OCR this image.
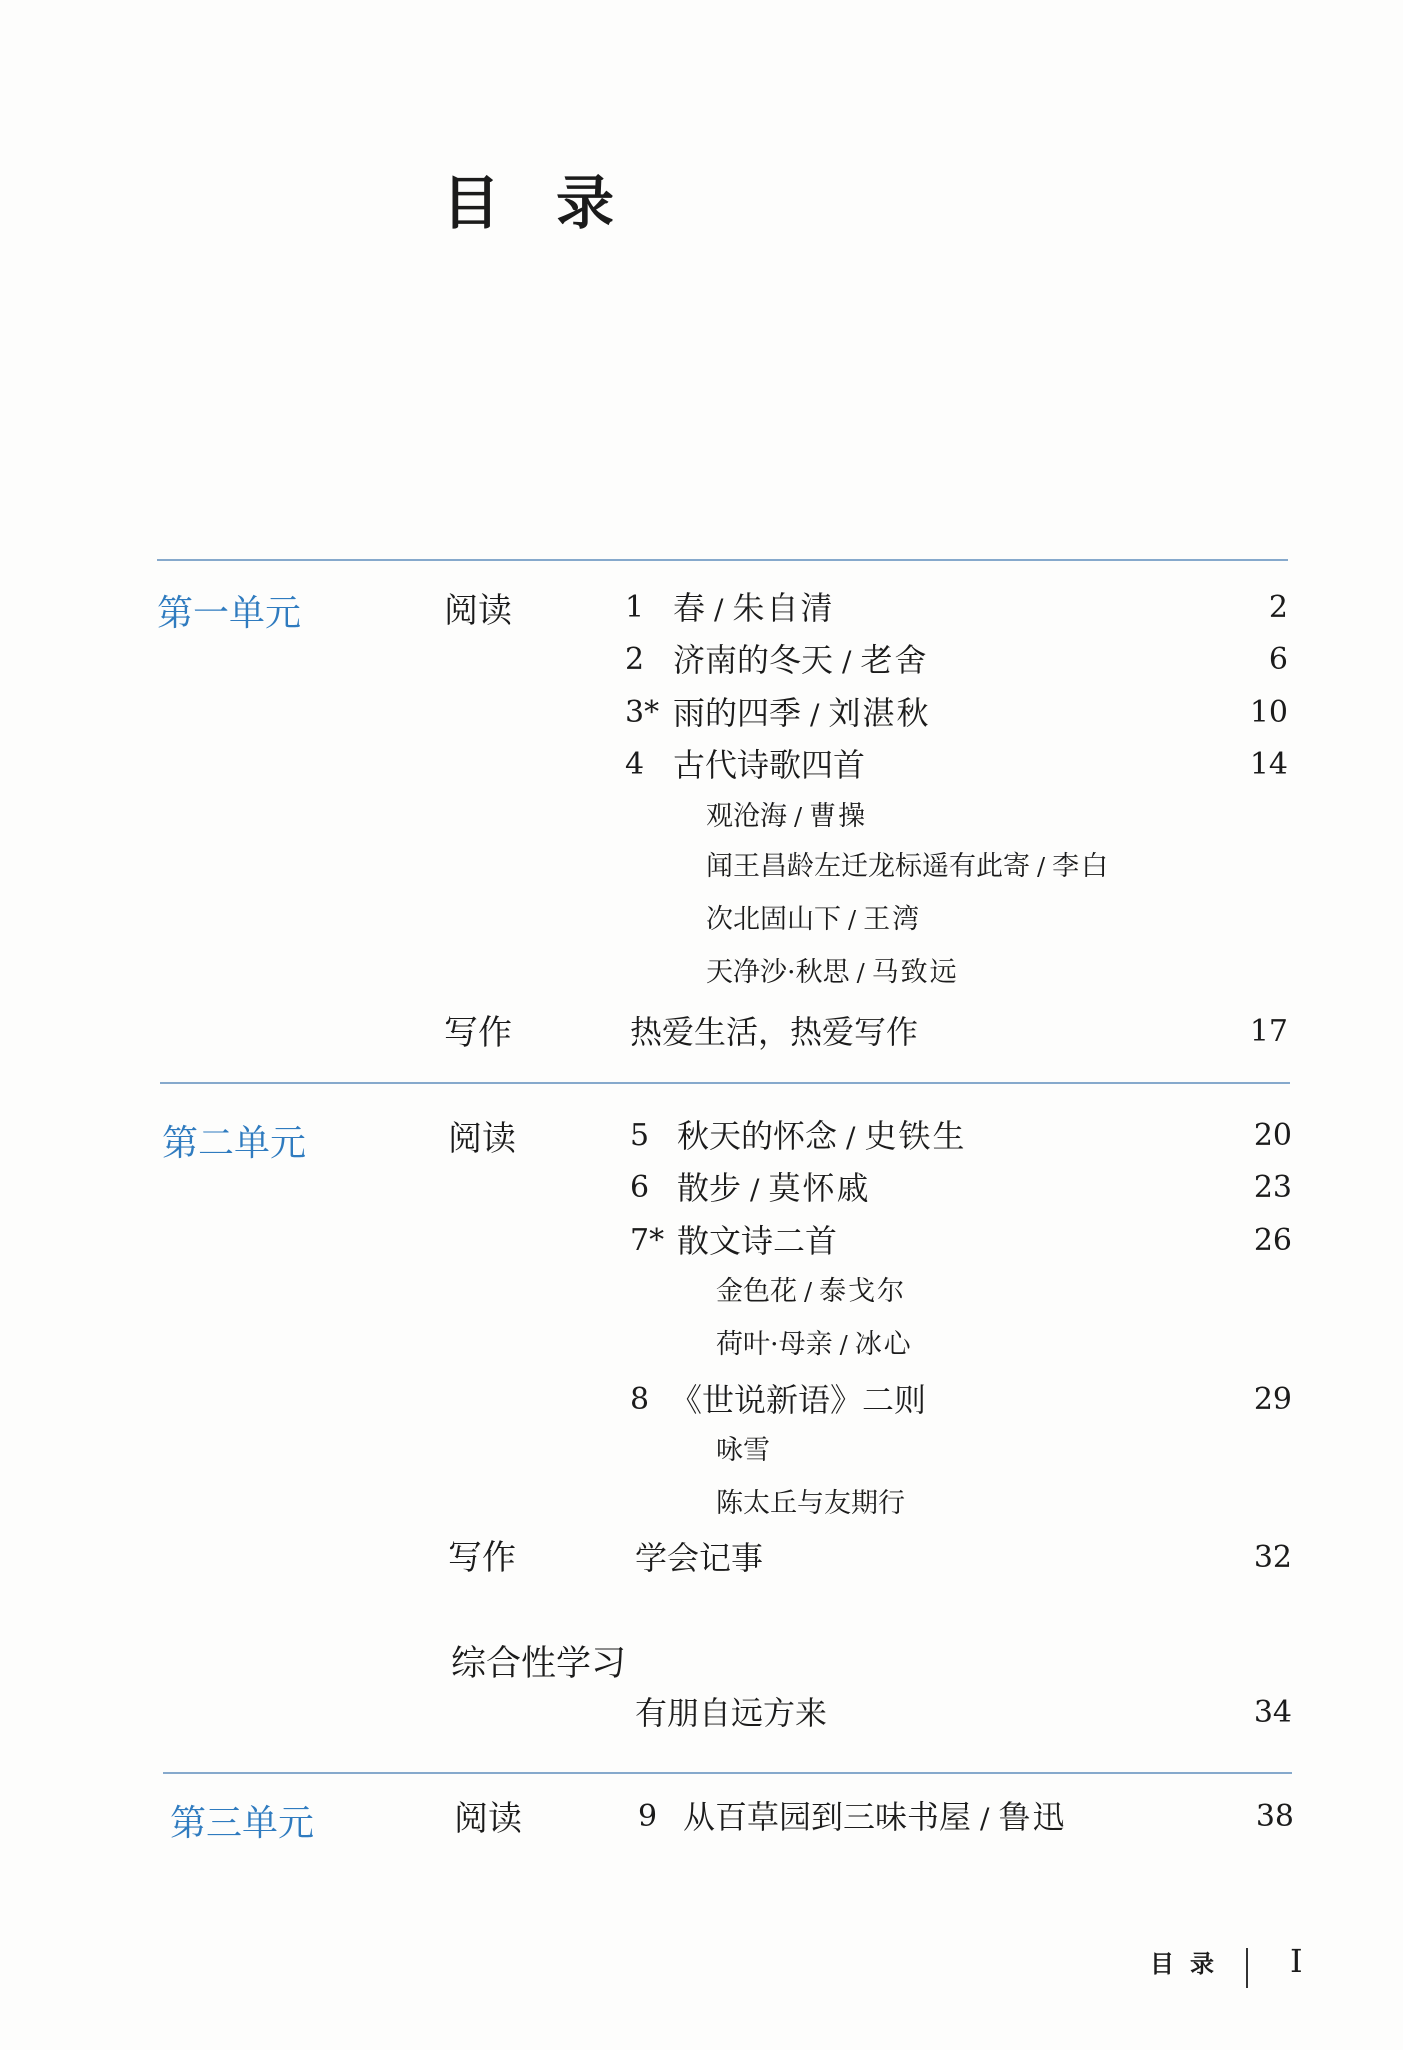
目录
第一单元	阅读	1 春 / 朱自清	2
2 济南的冬天 / 老舍	6
3* 雨的四季 / 刘湛秋	10
4 古代诗歌四首	14
观沧海 / 曹操
闻王昌龄左迁龙标遥有此寄 / 李白
次北固山下 / 王湾
天净沙·秋思 / 马致远
写作	热爱生活，热爱写作	17
第二单元	阅读	5 秋天的怀念 / 史铁生	20
6 散步 / 莫怀戚	23
7* 散文诗二首	26
金色花 / 泰戈尔
荷叶·母亲 / 冰心
8 《世说新语》二则	29
咏雪
陈太丘与友期行
写作	学会记事	32
综合性学习
有朋自远方来	34
第三单元	阅读	9 从百草园到三味书屋 / 鲁迅	38
目录 I
